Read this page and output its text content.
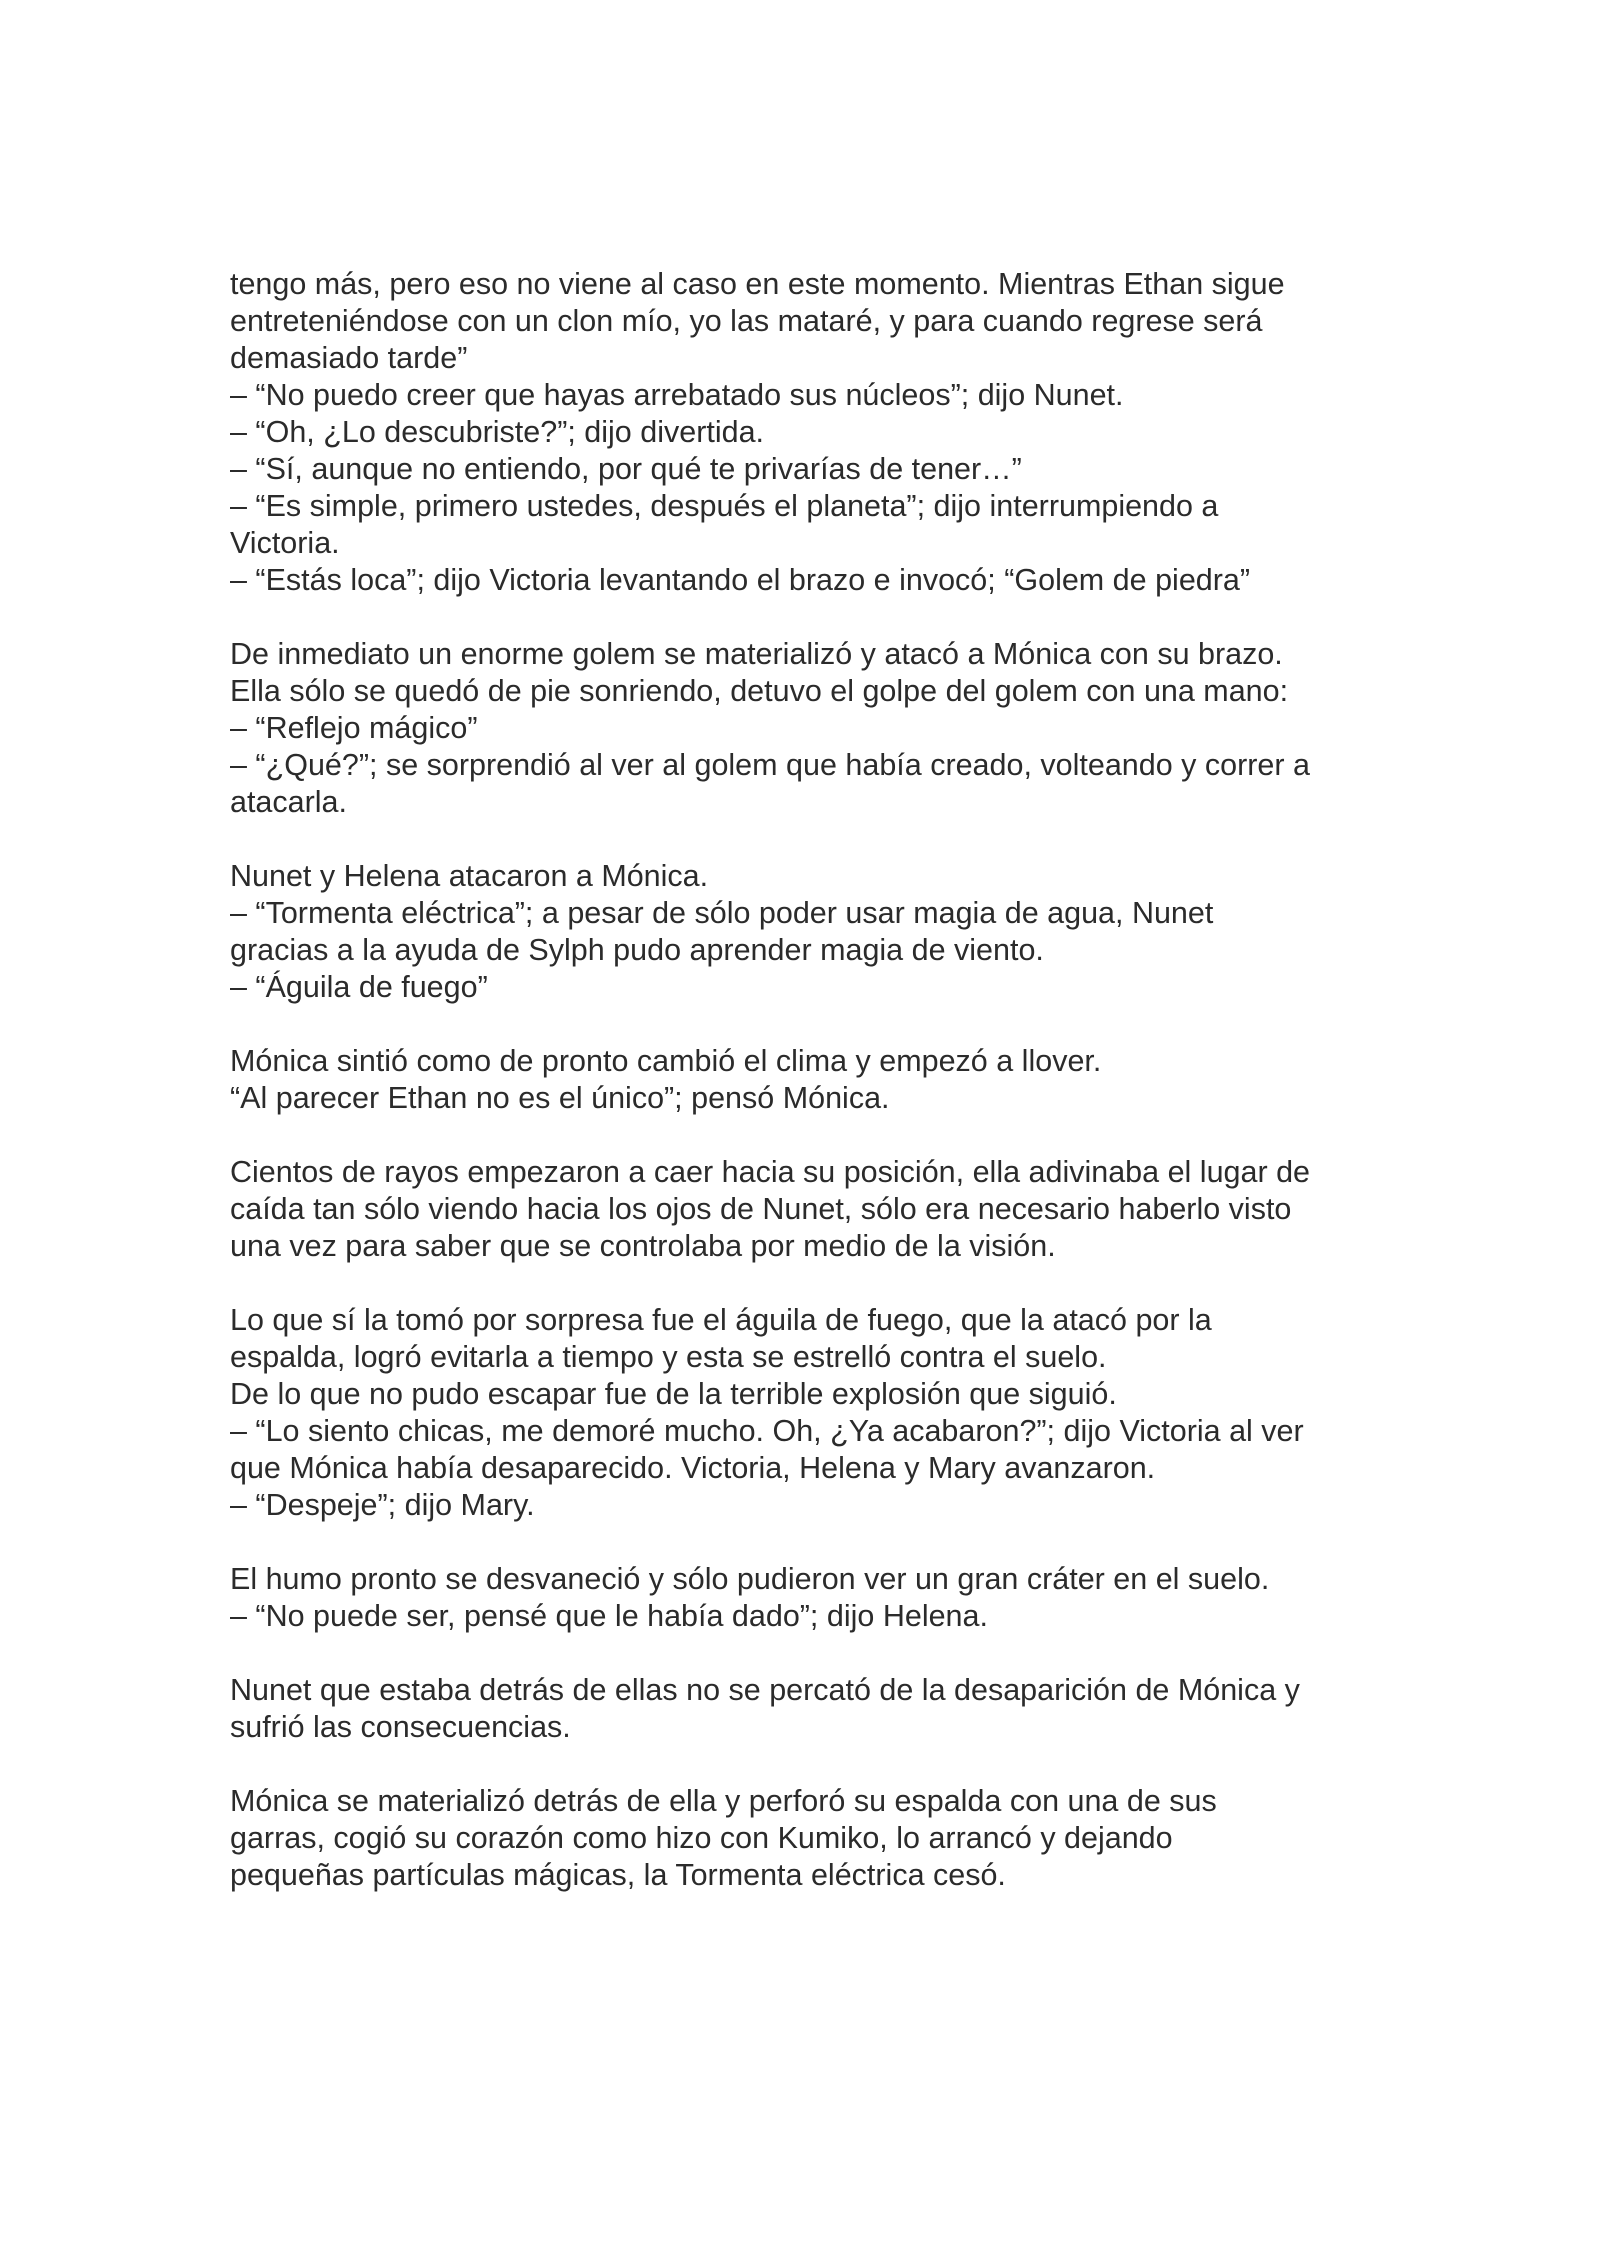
tengo más, pero eso no viene al caso en este momento. Mientras Ethan sigue
entreteniéndose con un clon mío, yo las mataré, y para cuando regrese será
demasiado tarde”
– “No puedo creer que hayas arrebatado sus núcleos”; dijo Nunet.
– “Oh, ¿Lo descubriste?”; dijo divertida.
– “Sí, aunque no entiendo, por qué te privarías de tener…”
– “Es simple, primero ustedes, después el planeta”; dijo interrumpiendo a
Victoria.
– “Estás loca”; dijo Victoria levantando el brazo e invocó; “Golem de piedra”

De inmediato un enorme golem se materializó y atacó a Mónica con su brazo.
Ella sólo se quedó de pie sonriendo, detuvo el golpe del golem con una mano:
– “Reflejo mágico”
– “¿Qué?”; se sorprendió al ver al golem que había creado, volteando y correr a
atacarla.

Nunet y Helena atacaron a Mónica.
– “Tormenta eléctrica”; a pesar de sólo poder usar magia de agua, Nunet
gracias a la ayuda de Sylph pudo aprender magia de viento.
– “Águila de fuego”

Mónica sintió como de pronto cambió el clima y empezó a llover.
“Al parecer Ethan no es el único”; pensó Mónica.

Cientos de rayos empezaron a caer hacia su posición, ella adivinaba el lugar de
caída tan sólo viendo hacia los ojos de Nunet, sólo era necesario haberlo visto
una vez para saber que se controlaba por medio de la visión.

Lo que sí la tomó por sorpresa fue el águila de fuego, que la atacó por la
espalda, logró evitarla a tiempo y esta se estrelló contra el suelo.
De lo que no pudo escapar fue de la terrible explosión que siguió.
– “Lo siento chicas, me demoré mucho. Oh, ¿Ya acabaron?”; dijo Victoria al ver
que Mónica había desaparecido. Victoria, Helena y Mary avanzaron.
– “Despeje”; dijo Mary.

El humo pronto se desvaneció y sólo pudieron ver un gran cráter en el suelo.
– “No puede ser, pensé que le había dado”; dijo Helena.

Nunet que estaba detrás de ellas no se percató de la desaparición de Mónica y
sufrió las consecuencias.

Mónica se materializó detrás de ella y perforó su espalda con una de sus
garras, cogió su corazón como hizo con Kumiko, lo arrancó y dejando
pequeñas partículas mágicas, la Tormenta eléctrica cesó.
